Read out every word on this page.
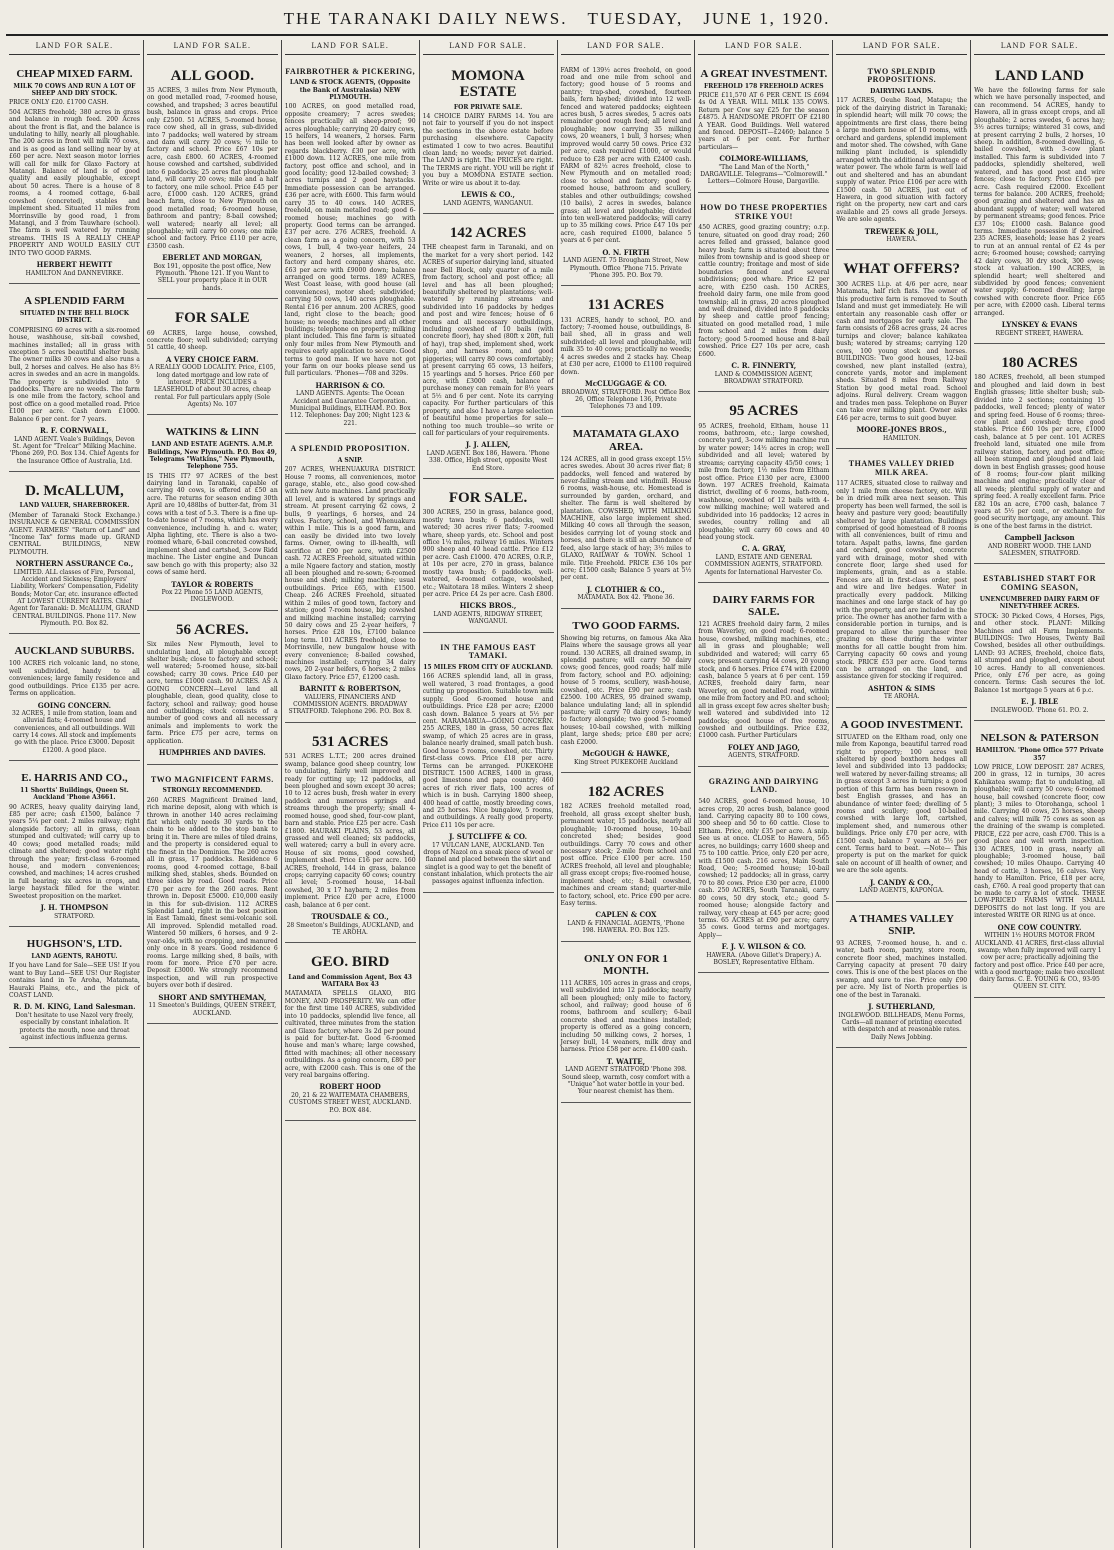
THE TARANAKI DAILY NEWS. TUESDAY, JUNE 1, 1920.
LAND FOR SALE.
CHEAP MIXED FARM.
MILK 70 COWS AND RUN A LOT OF SHEEP AND DRY STOCK.

PRICE ONLY £20. £1700 CASH.

504 ACRES freehold; 380 acres in grass and balance in rough feed. 200 Acres about the front is flat, and the balance is undulating to hilly, nearly all ploughable. The 200 acres in front will milk 70 cows, and is as good as land selling near by at £60 per acre. Next season motor lorries will call for milk for Glaxo Factory at Matangi. Balance of land is of good quality and easily ploughable, except about 50 acres. There is a house of 8 rooms, a 4 roomed cottage, 6-bail cowshed (concreted), stables and implement shed. Situated 11 miles from Morrinsville by good road, 1 from Matangi, and 3 from Tauwhare (school). The farm is well watered by running streams. THIS IS A REALLY CHEAP PROPERTY AND WOULD EASILY CUT INTO TWO GOOD FARMS.

HERBERT HEWITT
HAMILTON And DANNEVIRKE.
A SPLENDID FARM
SITUATED IN THE BELL BLOCK DISTRICT.

COMPRISING 69 acres with a six-roomed house, washhouse, six-bail cowshed, machines installed; all in grass with exception 5 acres beautiful shelter bush. The owner milks 30 cows and also runs a bull, 2 horses and calves. He also has 8½ acres in swedes and an acre in mangolds. The property is subdivided into 9 paddocks. There are no weeds. The farm is one mile from the factory, school and post office on a good metalled road. Price £100 per acre. Cash down £1000. Balance 6 per cent. for 7 years.

R. F. CORNWALL,
LAND AGENT. Veale's Buildings, Devon St. Agent for "Trelcar" Milking Machine. 'Phone 269, P.O. Box 134. Chief Agents for the Insurance Office of Australia, Ltd.
D. McALLUM,
LAND VALUER, SHAREBROKER.

(Member of Taranaki Stock Exchange.) INSURANCE & GENERAL COMMISSION AGENT. FARMERS' "Return of Land" and "Income Tax" forms made up. GRAND CENTRAL BUILDINGS, NEW PLYMOUTH.

NORTHERN ASSURANCE Co.,
LIMITED. ALL classes of Fire, Personal, Accident and Sickness; Employers' Liability, Workers' Compensation, Fidelity Bonds; Motor Car, etc. insurance effected AT LOWEST CURRENT RATES. Chief Agent for Taranaki: D. McALLUM, GRAND CENTRAL BUILDINGS. Phone 117. New Plymouth. P.O. Box 82.
AUCKLAND SUBURBS.

100 ACRES rich volcanic land, no stone, well subdivided, handy to all conveniences; large family residence and good outbuildings. Price £135 per acre. Terms on application.

GOING CONCERN.
32 ACRES, 1 mile from station, loam and alluvial flats; 4-roomed house and conveniences, and all outbuildings. Will carry 14 cows. All stock and implements go with the place. Price £3000. Deposit £1200. A good place.
E. HARRIS AND CO.,
11 Shortts' Buildings, Queen St. Auckland 'Phone A3661.

90 ACRES, heavy quality dairying land, £85 per acre; cash £1500, balance 7 years 5¼ per cent. 2 miles railway; right alongside factory; all in grass, clean stumped and cultivated; will carry up to 40 cows; good metalled roads; mild climate and sheltered; good water right through the year; first-class 6-roomed house, and modern conveniences; cowshed, and machines; 14 acres crushed in full bearing; six acres in crops, and large haystack filled for the winter. Sweetest proposition on the market.

J. H. THOMPSON
STRATFORD.
HUGHSON'S, LTD.
LAND AGENTS, RAHOTU.

If you have Land for Sale—SEE US! If you want to Buy Land—SEE US! Our Register contains land in Te Aroha, Matamata, Hauraki Plains, etc., and the pick of COAST LAND.

R. D. M. KING, Land Salesman.
Don't hesitate to use Nazol very freely, especially by constant inhalation. It protects the mouth, nose and throat against infectious influenza germs.
LAND FOR SALE.
ALL GOOD.

35 ACRES, 3 miles from New Plymouth, on good metalled road, 7-roomed house, cowshed, and trapshed; 3 acres beautiful bush, balance in grass and crops. Price only £2500. 51 ACRES, 5-roomed house, race cow shed, all in grass, sub-divided into 7 paddocks; well watered by stream and dam will carry 20 cows; ½ mile to factory and school. Price £67 10s per acre, cash £800. 60 ACRES, 4-roomed house cowshed and cartshed, subdivided into 6 paddocks; 25 acres flat ploughable land, will carry 20 cows; mile and a half to factory, one mile school. Price £45 per acre, £1000 cash. 120 ACRES, grand beach farm, close to New Plymouth on good metalled road; 6-roomed house, bathroom and pantry; 8-bail cowshed; well watered; nearly all level; all ploughable; will carry 60 cows; one mile school and factory. Price £110 per acre, £3500 cash.

EBERLET AND MORGAN,
Box 191, opposite the post office, New Plymouth. 'Phone 121. If you Want to SELL your property place it in OUR hands.
FOR SALE

69 ACRES, large house, cowshed, concrete floor; well subdivided; carrying 51 cattle, 40 sheep.

A VERY CHOICE FARM.
A REALLY GOOD LOCALITY. Price, £105, long dated mortgage and low rate of interest. PRICE INCLUDES a LEASEHOLD of about 30 acres, cheap rental. For full particulars apply (Sole Agents) No. 107
WATKINS & LINN
LAND AND ESTATE AGENTS. A.M.P. Buildings, New Plymouth. P.O. Box 49, Telegrams "Watkins," New Plymouth, Telephone 755.

IS THIS IT? 97 ACRES of the best dairying land in Taranaki, capable of carrying 40 cows, is offered at £50 an acre. The returns for season ending 30th April are 10,488lbs of butter-fat, from 31 cows with a test of 5.3. There is a fine up-to-date house of 7 rooms, which has every convenience, including h. and c. water, Alpha lighting, etc. There is also a two-roomed whare, 6-bail concreted cowshed, implement shed and cartshed, 3-cow Ridd machine. The Lister engine and Duncan saw bench go with this property; also 32 cows of same herd.

TAYLOR & ROBERTS
Pox 22 Phone 55 LAND AGENTS, INGLEWOOD.
56 ACRES.

Six miles New Plymouth, level to undulating land, all ploughable except shelter bush; close to factory and school; well watered; 5-roomed house, six-bail cowshed; carry 30 cows. Price £40 per acre, terms £1000 cash. 90 ACRES. AS A GOING CONCERN—Level land all ploughable, clean, good quality, close to factory, school and railway; good house and outbuildings; stock consists of a number of good cows and all necessary animals and implements to work the farm. Price £75 per acre, terms on application.

HUMPHRIES AND DAVIES.
TWO MAGNIFICENT FARMS.
STRONGLY RECOMMENDED.

260 ACRES Magnificent Drained land, rich marine deposit, along with which is thrown in another 140 acres reclaiming flat which only needs 30 yards to the chain to be added to the stop bank to bring it in. There are miles of tiled drains, and the property is considered equal to the finest in the Dominion. The 260 acres all in grass, 17 paddocks. Residence 6 rooms, good 4-roomed cottage, 8-bail milking shed, stables, sheds. Bounded on three sides by road. Good roads. Price £70 per acre for the 260 acres. Rent thrown in. Deposit £5000. £10,000 easily in this for sub-division. 112 ACRES Splendid Land, right in the best position in East Tamaki, finest semi-volcanic soil. All improved. Splendid metalled road. Wintered 50 milkers, 6 horses, and 9 2-year-olds, with no cropping, and manured only once in 8 years. Good residence 6 rooms. Large milking shed, 8 bails, with room for more. Price £70 per acre. Deposit £3000. We strongly recommend inspection, and will run prospective buyers over both if desired.

SHORT AND SMYTHEMAN,
11 Smeeton's Buildings, QUEEN STREET, AUCKLAND.
LAND FOR SALE.
FAIRBROTHER & PICKERING,
LAND & STOCK AGENTS, (Opposite the Bank of Australasia) NEW PLYMOUTH.

100 ACRES, on good metalled road, opposite creamery; 7 acres swedes; fences practically all sheep-proof; 90 acres ploughable; carrying 20 dairy cows, 15 heifers, 14 weaners, 2 horses. Farm has been well looked after by owner as regards blackberry. £30 per acre, with £1000 down. 112 ACRES, one mile from factory, post office and school, and in good locality; good 12-bailed cowshed; 3 acres turnips and 2 good haystacks. Immediate possession can be arranged. £36 per acre, with £600. This farm would carry 35 to 40 cows. 140 ACRES, freehold, on main metalled road; good 6-roomed house; machines go with property. Good terms can be arranged. £37 per acre. 276 ACRES, freehold. A clean farm as a going concern, with 53 cows, 1 bull, 4 two-year heifers, 24 weaners, 2 horses, all implements, factory and herd company shares, etc. £63 per acre with £9000 down; balance arranged on good terms. 189 ACRES, West Coast lease, with good house (all conveniences), motor shed; subdivided; carrying 50 cows, 140 acres ploughable. Rental £16 per annum. 200 ACRES, good land, right close to the beach; good house; no weeds; machines and all other buildings; telephone on property; milking plant included. This fine farm is situated only four miles from New Plymouth and requires early application to secure. Good terms to good man. If we have not got your farm on our books please send us full particulars. 'Phones—708 and 329s.

HARRISON & CO.
LAND AGENTS. Agents: The Ocean Accident and Guarantee Corporation. Municipal Buildings, ELTHAM. P.O. Box 112. Telephones: Day 200; Night 123 & 221.
A SPLENDID PROPOSITION.
A SNIP.

207 ACRES, WHENUAKURA DISTRICT. House 7 rooms, all conveniences, motor garage, stable, etc., also good cow-shed with new Auto machines. Land practically all level, and is watered by springs and stream. At present carrying 62 cows, 2 bulls, 9 yearlings, 6 horses, and 24 calves. Factory, school, and Whenuakura within 1 mile. This is a good farm, and can easily be divided into two lovely farms. Owner, owing to ill-health, will sacrifice at £90 per acre, with £2500 cash. 72 ACRES Freehold, situated within a mile Ngaere factory and station, mostly all been ploughed and re-sown; 6-roomed house and shed; milking machine; usual outbuildings. Price £65, with £1500. Cheap. 246 ACRES Freehold, situated within 2 miles of good town, factory and station; good 7-room house, big cowshed and milking machine installed; carrying 50 dairy cows and 25 2-year heifers, 7 horses. Price £28 10s, £7100 balance long term. 101 ACRES freehold, close to Morrinsville, new bungalow house with every convenience; 8-bailed cowshed, machines installed; carrying 34 dairy cows, 20 2-year heifers, 6 horses; 2 miles Glaxo factory. Price £57, £1200 cash.

BARNITT & ROBERTSON,
VALUERS, FINANCIERS AND COMMISSION AGENTS. BROADWAY STRATFORD. Telephone 296. P.O. Box 8.
531 ACRES

531 ACRES L.T.T.; 200 acres drained swamp, balance good sheep country, low to undulating, fairly well improved and ready for cutting up; 12 paddocks, all been ploughed and sown except 30 acres; 10 to 12 acres bush, fresh water in every paddock and numerous springs and streams through the property; small 4-roomed house, good shed, four-cow plant, barn and stable. Price £25 per acre. Cash £1800. HAURAKI PLAINS, 53 acres, all grassed and well cleaned; six paddocks, well watered; carry a bull in every acre. House of six rooms, good cowshed, implement shed. Price £16 per acre. 160 ACRES, freehold, 144 in grass, balance crops; carrying capacity 60 cows; country all level; 5-roomed house, 14-bail cowshed, 30 x 17 haybarn; 2 miles from implement. Price £20 per acre, £1000 cash, balance at 6 per cent.

TROUSDALE & CO.,
28 Smeeton's Buildings, AUCKLAND, and TE AROHA.
GEO. BIRD
Land and Commission Agent, Box 43 WAITARA Box 43

MATAMATA SPELLS GLAXO, BIG MONEY, AND PROSPERITY. We can offer for the first time 140 ACRES, subdivided into 10 paddocks, splendid live fence, all cultivated, three minutes from the station and Glaxo factory, where 3s 2d per pound is paid for butter-fat. Good 6-roomed house and man's whare; large cowshed, fitted with machines; all other necessary outbuildings. As a going concern, £80 per acre, with £2000 cash. This is one of the very real bargains offering.

ROBERT HOOD
20, 21 & 22 WAITEMATA CHAMBERS, CUSTOMS STREET WEST, AUCKLAND. P.O. BOX 484.
LAND FOR SALE.
MOMONA ESTATE
FOR PRIVATE SALE.

14 CHOICE DAIRY FARMS 14. You are not fair to yourself if you do not inspect the sections in the above estate before purchasing elsewhere. Capacity estimated 1 cow to two acres. Beautiful clean land; no weeds; never yet dairied. The LAND is right. The PRICES are right. The TERMS are right. YOU will be right if you buy a MOMONA ESTATE section. Write or wire us about it to-day.

LEWIS & CO.,
LAND AGENTS, WANGANUI.
142 ACRES

THE cheapest farm in Taranaki, and on the market for a very short period. 142 ACRES of superior dairying land, situated near Bell Block, only quarter of a mile from factory, school and post office; all level and has all been ploughed; beautifully sheltered by plantations; well-watered by running streams and subdivided into 16 paddocks by hedges and post and wire fences; house of 6 rooms and all necessary outbuildings, including cowshed of 10 bails (with concrete floor), hay shed (80ft x 20ft, full of hay), trap shed, implement shed, work shop, and harness room, and good piggeries; will carry 80 cows comfortably; at present carrying 65 cows, 13 heifers, 15 yearlings and 5 horses. Price £60 per acre, with £3000 cash, balance of purchase money can remain for 8½ years at 5½ and 6 per cent. Note its carrying capacity. For further particulars of this property, and also I have a large selection of beautiful home properties for sale—nothing too much trouble—so write or call for particulars of your requirements.

J. J. ALLEN,
LAND AGENT. Box 186, Hawera. 'Phone 338. Office, High street, opposite West End Store.
FOR SALE.

300 ACRES, 250 in grass, balance good, mostly tawa bush; 6 paddocks, well watered; 30 acres river flats; 7-roomed whare, sheep yards, etc. School and post office 1¼ miles, railway 16 miles. Winters 900 sheep and 40 head cattle. Price £12 per acre. Cash £1000. 470 ACRES, O.R.P., at 10s per acre, 270 in grass, balance mostly tawa bush; 6 paddocks, well-watered, 4-roomed cottage, woolshed, etc.; Waitotara 18 miles. Winters 2 sheep per acre. Price £4 2s per acre. Cash £800.

HICKS BROS.,
LAND AGENTS, RIDGWAY STREET, WANGANUI.
IN THE FAMOUS EAST TAMAKI.
15 MILES FROM CITY OF AUCKLAND.

166 ACRES splendid land, all in grass, well watered, 3 road frontages, a good cutting up proposition. Suitable town milk supply. Good 6-roomed house and outbuildings. Price £28 per acre; £2000 cash down. Balance 5 years at 5½ per cent. MARAMARUA—GOING CONCERN. 255 ACRES, 180 in grass, 50 acres flax swamp, of which 25 acres are in grass, balance nearly drained, small patch bush. Good house 5 rooms, cowshed, etc. Thirty first-class cows. Price £18 per acre. Terms can be arranged. PUKEKOHE DISTRICT. 1500 ACRES, 1400 in grass, good limestone and papa country; 460 acres of rich river flats, 100 acres of which is in bush. Carrying 1800 sheep, 400 head of cattle, mostly breeding cows, and 25 horses. Nice bungalow, 5 rooms, and outbuildings. A really good property. Price £11 10s per acre.

J. SUTCLIFFE & CO.
17 VULCAN LANE, AUCKLAND. Ten drops of Nazol on a sneak piece of wool or flannel and placed between the skirt and singlet is a good way to get the benefit of constant inhalation, which protects the air passages against influenza infection.
LAND FOR SALE.

FARM of 139½ acres freehold, on good road and one mile from school and factory; good house of 5 rooms and pantry; trap-shed, cowshed, fourteen bails, fern haybed; divided into 12 well-fenced and watered paddocks; eighteen acres bush, 5 acres swedes, 5 acres oats remainder good rough feed; all level and ploughable; now carrying 35 milking cows, 20 weaners, 1 bull, 3 horses; when improved would carry 50 cows. Price £32 per acre, cash required £1000, or would reduce to £28 per acre with £2400 cash. FARM of 82½ acres freehold, close to New Plymouth and on metalled road; close to school and factory; good 6-roomed house, bathroom and scullery, stables and other outbuildings; cowshed (10 bails), 2 acres in swedes, balance grass; all level and ploughable; divided into ten well-watered paddocks; will carry up to 35 milking cows. Price £47 10s per acre, cash required £1000, balance 5 years at 6 per cent.

O. N. FIRTH
LAND AGENT. 75 Brougham Street, New Plymouth. Office 'Phone 715. Private 'Phone 395. P.O. Box 79.
131 ACRES

131 ACRES, handy to school, P.O. and factory; 7-roomed house, outbuildings, 8-bail shed, all in grass and well subdivided; all level and ploughable, will milk 35 to 40 cows; practically no weeds; 4 acres swedes and 2 stacks hay. Cheap at £30 per acre, £1000 to £1100 required down.

McCLUGGAGE & CO.
BROADWAY, STRATFORD. Post Office Box 26, Office Telephone 136, Private Telephones 73 and 109.
MATAMATA GLAXO AREA.

124 ACRES, all in good grass except 15½ acres swedes. About 30 acres river flat; 8 paddocks, well fenced and watered by never-failing stream and windmill. House 6 rooms, wash-house, etc. Homestead is surrounded by garden, orchard, and shelter. The farm is well sheltered by plantation. COWSHED, WITH MILKING MACHINE, also large implement shed. Milking 40 cows all through the season, besides carrying lot of young stock and horses, and there is still an abundance of feed, also large stack of hay; 3½ miles to GLAXO, RAILWAY & TOWN. School 1 mile. Title Freehold. PRICE £36 10s per acre; £1500 cash; Balance 5 years at 5½ per cent.

J. CLOTHIER & CO.,
MATAMATA. Box 42. 'Phone 36.
TWO GOOD FARMS.

Showing big returns, on famous Aka Aka Plains where the sausage grows all year round. 130 ACRES, all drained swamp, in splendid pasture; will carry 50 dairy cows; good fences, good roads; half mile from factory, school and P.O. adjoining; house of 5 rooms, scullery, wash-house, cowshed, etc. Price £90 per acre; cash £2500. 100 ACRES, 95 drained swamp, balance undulating land; all in splendid pasture; will carry 70 dairy cows; handy to factory alongside; two good 5-roomed houses; 10-bail cowshed, with milking plant, large sheds; price £80 per acre; cash £2000.

McGOUGH & HAWKE,
King Street PUKEKOHE Auckland
182 ACRES

182 ACRES freehold metalled road, freehold, all grass except shelter bush, permanent water, 15 paddocks, nearly all ploughable; 10-roomed house, 10-bail concreted shed; besides good outbuildings. Carry 70 cows and other necessary stock; 2-mile from school and post office. Price £100 per acre. 150 ACRES freehold, all level and ploughable; all grass except crops; five-roomed house, implement shed; etc; 8-bail cowshed, machines and cream stand; quarter-mile to factory, school, etc. Price £90 per acre. Easy terms.

CAPLEN & COX
LAND & FINANCIAL AGENTS, 'Phone 198. HAWERA. P.O. Box 125.
ONLY ON FOR 1 MONTH.

111 ACRES, 105 acres in grass and crops, well subdivided into 12 paddocks; nearly all been ploughed; only mile to factory, school, and railway; good house of 6 rooms, bathroom and scullery; 6-bail concrete shed and machines installed; property is offered as a going concern, including 50 milking cows, 2 horses, 1 Jersey bull, 14 weaners, milk dray and harness. Price £58 per acre. £1400 cash.

T. WAITE,
LAND AGENT STRATFORD 'Phone 398. Sound sleep, warmth, cosy comfort with a "Unique" hot water bottle in your bed. Your nearest chemist has them.
LAND FOR SALE.
A GREAT INVESTMENT.
FREEHOLD 178 FREEHOLD ACRES

PRICE £11,570 AT 6 PER CENT. IS £694 4s 0d A YEAR. WILL MILK 135 COWS. Return per Cow say £25 for the season £4875. A HANDSOME PROFIT OF £2180 A YEAR. Good Buildings. Well watered and fenced. DEPOSIT—£2460; balance 5 years at 6 per cent. For further particulars—

COLMORE-WILLIAMS,
"The Land Man of the North," DARGAVILLE. Telegrams—"Colmorewill." Letters—Colmore House, Dargaville.
HOW DO THESE PROPERTIES STRIKE YOU!

450 ACRES, good grazing country; o.r.p. tenure, situated on good dray road; 260 acres felled and grassed, balance good heavy bush; farm is situated about three miles from township and is good sheep or cattle country; frontage and most of side boundaries fenced and several subdivisions; good whare. Price £2 per acre, with £250 cash. 150 ACRES, freehold dairy farm, one mile from good township; all in grass, 20 acres ploughed and well drained, divided into 8 paddocks by sheep and cattle proof fencing; situated on good metalled road, 1 mile from school and 2 miles from dairy factory; good 5-roomed house and 8-bail cowshed. Price £27 10s per acre, cash £600.

C. R. FINNERTY,
LAND & COMMISSION AGENT, BROADWAY STRATFORD.
95 ACRES

95 ACRES, freehold, Eltham, house 11 rooms, bathroom, etc.; large cowshed, concrete yard, 3-cow milking machine run by water power; 14½ acres in crop; well subdivided and all level; watered by streams; carrying capacity 45/50 cows; 1 mile from factory, 1½ miles from Eltham post office. Price £130 per acre, £3000 down. 197 ACRES freehold, Kaimata district, dwelling of 6 rooms, bath-room, washhouse, cowshed of 12 bails with 4-cow milking machine; well watered and subdivided into 16 paddocks; 12 acres in swedes, country rolling and all ploughable; will carry 60 cows and 40 head young stock.

C. A. GRAY,
LAND, ESTATE AND GENERAL COMMISSION AGENTS, STRATFORD. Agents for International Harvester Co.
DAIRY FARMS FOR SALE.

121 ACRES freehold dairy farm, 2 miles from Waverley, on good road; 6-roomed house, cowshed, milking machines, etc.; all in grass and ploughable; well subdivided and watered; will carry 65 cows; present carrying 44 cows, 20 young stock, and 6 horses. Price £74 with £2000 cash, balance 5 years at 6 per cent. 159 ACRES, freehold dairy farm, near Waverley, on good metalled road, within one mile from factory and P.O. and school; all in grass except few acres shelter bush; well watered and subdivided into 12 paddocks; good house of five rooms, cowshed and outbuildings. Price £32, £1000 cash. Further Particulars

FOLEY AND JAGO,
AGENTS, STRATFORD.
GRAZING AND DAIRYING LAND.

540 ACRES, good 6-roomed house, 10 acres crop, 20 acres bush, balance good land. Carrying capacity 80 to 100 cows, 300 sheep and 50 to 60 cattle. Close to Eltham. Price, only £35 per acre. A snip. See us at once. CLOSE to Hawera, 565 acres, no buildings; carry 1600 sheep and 75 to 100 cattle. Price, only £20 per acre, with £1500 cash. 216 acres, Main South Road, Oeo; 5-roomed house; 10-bail cowshed; 12 paddocks; all in grass, carry 70 to 80 cows. Price £30 per acre, £1000 cash. 250 ACRES, South Taranaki, carry 80 cows, 50 dry stock, etc.; good 5-roomed house; alongside factory and railway, very cheap at £45 per acre; good terms. 65 ACRES at £90 per acre; carry 35 cows. Good terms and mortgages. Apply—

F. J. V. WILSON & CO.
HAWERA. (Above Gillet's Drapery.) A. BOSLEY, Representative Eltham.
LAND FOR SALE.
TWO SPLENDID PROPOSITIONS.
DAIRYING LANDS.

117 ACRES, Oeuhe Road, Matapu; the pick of the dairying district in Taranaki; in splendid heart; will milk 70 cows; the appointments are first class, there being a large modern house of 10 rooms, with orchard and gardens, splendid implement and motor shed. The cowshed, with Gane milking plant included, is splendidly arranged with the additional advantage of water power. The whole farm is well laid out and sheltered and has an abundant supply of water. Price £106 per acre with £1500 cash. 50 ACRES, just out of Hawera, in good situation with factory right on the property, new cart and cars available and 25 cows all grade Jerseys. We are sole agents.

TREWEEK & JOLL,
HAWERA.
WHAT OFFERS?

300 ACRES l.i.p. at 4/6 per acre, near Matamata, half rich flats. The owner of this productive farm is removed to South Island and must get immediately. He will entertain any reasonable cash offer or cash and mortgages for early sale. The farm consists of 268 acres grass, 24 acres turnips and clover; balance kahikatea bush; watered by streams; carrying 120 cows, 100 young stock and horses. BUILDINGS: Two good houses, 12-bail cowshed, new plant installed (extra), concrete yards, motor and implement sheds. Situated 8 miles from Railway Station by good metal road. School adjoins. Rural delivery. Cream waggon and trades men pass. Telephone on Buyer can take over milking plant. Owner asks £46 per acre, terms to suit good buyer.

MOORE-JONES BROS.,
HAMILTON.
THAMES VALLEY DRIED MILK AREA.

117 ACRES, situated close to railway and only 1 mile from cheese factory, etc. Will be in dried milk area next season. This property has been well farmed, the soil is heavy and pasture very good; beautifully sheltered by large plantation. Buildings comprised of good homestead of 8 rooms with all conveniences, built of rimu and totara. Aspalt paths, lawns, fine garden and orchard, good cowshed, concrete yard with drainage, motor shed with concrete floor, large shed used for implements, grain, and as a stable. Fences are all in first-class order, post and wire and live hedges. Water in practically every paddock. Milking machines and one large stack of hay go with the property, and are included in the price. The owner has another farm with a considerable portion in turnips, and is prepared to allow the purchaser free grazing on these during the winter months for all cattle bought from him. Carrying capacity 60 cows and young stock. PRICE £53 per acre. Good terms can be arranged on the land, and assistance given for stocking if required.

ASHTON & SIMS
TE AROHA.
A GOOD INVESTMENT.

SITUATED on the Eltham road, only one mile from Kaponga, beautiful tarred road right to property; 100 acres well sheltered by good boxthorn hedges all level and subdivided into 13 paddocks; well watered by never-failing streams; all in grass except 3 acres in turnips; a good portion of this farm has been resown in best English grasses, and has an abundance of winter feed; dwelling of 5 rooms and scullery; good 10-bailed cowshed with large loft, cartshed, implement shed, and numerous other buildings. Price only £70 per acre, with £1500 cash, balance 7 years at 5½ per cent. Terms hard to beat. —Note— This property is put on the market for quick sale on account of ill health of owner, and we are the sole agents.

J. CANDY & CO.,
LAND AGENTS, KAPONGA.
A THAMES VALLEY SNIP.

93 ACRES, 7-roomed house, h. and c. water, bath room, pantry, store room, concrete floor shed, machines installed. Carrying capacity at present 70 dairy cows. This is one of the best places on the swamp, and sure to rise. Price only £90 per acre. My list of North properties is one of the best in Taranaki.

J. SUTHERLAND,
INGLEWOOD. BILLHEADS, Menu Forms, Cards—all manner of printing executed with despatch and at reasonable rates. Daily News Jobbing.
LAND FOR SALE.
LAND LAND

We have the following farms for sale which we have personally inspected, and can recommend. 54 ACRES, handy to Hawera, all in grass except crops, and all ploughable; 2 acres swedes, 6 acres hay; 3½ acres turnips; wintered 31 cows, and at present carrying 2 bulls, 2 horses, 10 sheep. In addition, 8-roomed dwelling, 6-bailed cowshed, with 3-cow plant installed. This farm is subdivided into 7 paddocks, splendidly sheltered, well watered, and has good post and wire fences; close to factory. Price £165 per acre. Cash required £2000. Excellent terms for balance. 200 ACRES, freehold; good grazing and sheltered and has an abundant supply of water; well watered by permanent streams; good fences. Price £37 10s; £1000 cash. Balance good terms. Immediate possession if desired. 235 ACRES, leasehold; lease has 2 years to run at an annual rental of £2 4s per acre; 6-roomed house; cowshed; carrying 42 dairy cows, 30 dry stock, 300 ewes; stock at valuation. 190 ACRES, in splendid heart; well sheltered and subdivided by good fences; convenient water supply; 6-roomed dwelling; large cowshed with concrete floor. Price £65 per acre, with £2000 cash. Liberal terms arranged.

LYNSKEY & EVANS
REGENT STREET, HAWERA.
180 ACRES

180 ACRES, freehold, all been stumped and ploughed and laid down in best English grasses; little shelter bush; sub-divided into 2 sections; containing 15 paddocks, well fenced; plenty of water and spring feed. House of 6 rooms; three-cow plant and cowshed; three good stables. Price £60 10s per acre, £1000 cash, balance at 5 per cent. 101 ACRES freehold land, situated one mile from railway station, factory, and post office; all been stumped and ploughed and laid down in best English grasses; good house of 8 rooms; four-cow plant milking machine and engine; practically clear of all weeds; plentiful supply of water and spring feed. A really excellent farm. Price £82 10s an acre, £700 cash, balance 7 years at 5½ per cent., or exchange for good security mortgage, any amount. This is one of the best farms in the district.

Campbell Jackson
AND ROBERT WOOD. THE LAND SALESMEN, STRATFORD.
ESTABLISHED START FOR COMING SEASON,
UNENCUMBERED DAIRY FARM OF NINETY-THREE ACRES.

STOCK: 30 Picked Cows, 4 Horses, Pigs, and other stock. PLANT: Milking Machines and all Farm Implements. BUILDINGS: Two Houses, Twenty Bail Cowshed, besides all other outbuildings. LAND: 93 ACRES, freehold, choice flats, all stumped and ploughed, except about 10 acres. Handy to all conveniences. Price, only £76 per acre, as going concern. Terms: Cash secures the lot. Balance 1st mortgage 5 years at 6 p.c.

E. J. IBLE
INGLEWOOD. 'Phone 61. P.O. 2.
NELSON & PATERSON
HAMILTON. 'Phone Office 577 Private 357

LOW PRICE, LOW DEPOSIT. 287 ACRES, 200 in grass, 12 in turnips, 30 acres Kahikatea swamp; flat to undulating, all ploughable; will carry 50 cows; 6-roomed house, bail cowshed (concrete floor, cow plant); 3 miles to Otorohanga, school 1 mile. Carrying 40 cows, 25 horses, sheep and calves; will milk 75 cows as soon as the draining of the swamp is completed. PRICE, £22 per acre, cash £700. This is a good place and well worth inspection. 130 ACRES, 100 in grass, nearly all ploughable; 3-roomed house, bail cowshed; 10 miles Ohaupo. Carrying 40 head of cattle, 3 horses, 16 calves. Very handy to Hamilton. Price, £18 per acre, cash, £760. A real good property that can be made to carry a lot of stock. THESE LOW-PRICED FARMS WITH SMALL DEPOSITS do not last long. If you are interested WRITE OR RING us at once.

ONE COW COUNTRY.
WITHIN 1½ HOURS MOTOR FROM AUCKLAND. 41 ACRES, first-class alluvial swamp; when fully improved will carry 1 cow per acre; practically adjoining the factory and post office. Price £40 per acre, with a good mortgage; make two excellent dairy farms. C. E. YOUNG & CO., 93-95 QUEEN ST. CITY.
